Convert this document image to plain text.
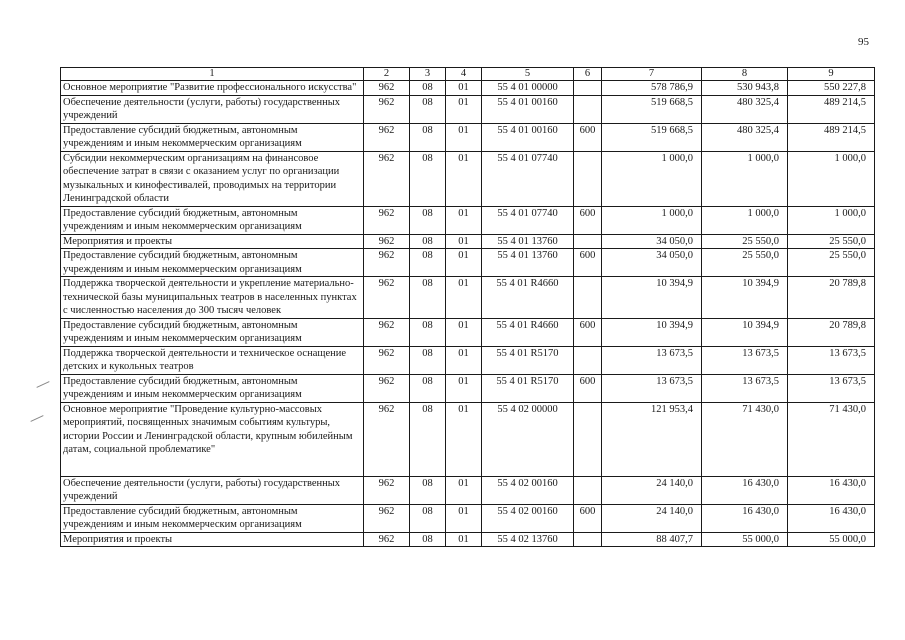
95
1	2	3	4	5	6	7	8	9
Основное мероприятие "Развитие профессионального искусства"	962	08	01	55 4 01 00000		578 786,9	530 943,8	550 227,8
Обеспечение деятельности (услуги, работы) государственных учреждений	962	08	01	55 4 01 00160		519 668,5	480 325,4	489 214,5
Предоставление субсидий бюджетным, автономным учреждениям и иным некоммерческим организациям	962	08	01	55 4 01 00160	600	519 668,5	480 325,4	489 214,5
Субсидии некоммерческим организациям на финансовое обеспечение затрат в связи с оказанием услуг по организации музыкальных и кинофестивалей, проводимых на территории Ленинградской области	962	08	01	55 4 01 07740		1 000,0	1 000,0	1 000,0
Предоставление субсидий бюджетным, автономным учреждениям и иным некоммерческим организациям	962	08	01	55 4 01 07740	600	1 000,0	1 000,0	1 000,0
Мероприятия и проекты	962	08	01	55 4 01 13760		34 050,0	25 550,0	25 550,0
Предоставление субсидий бюджетным, автономным учреждениям и иным некоммерческим организациям	962	08	01	55 4 01 13760	600	34 050,0	25 550,0	25 550,0
Поддержка творческой деятельности и укрепление материально-технической базы муниципальных театров в населенных пунктах с численностью населения до 300 тысяч человек	962	08	01	55 4 01 R4660		10 394,9	10 394,9	20 789,8
Предоставление субсидий бюджетным, автономным учреждениям и иным некоммерческим организациям	962	08	01	55 4 01 R4660	600	10 394,9	10 394,9	20 789,8
Поддержка творческой деятельности и техническое оснащение детских и кукольных театров	962	08	01	55 4 01 R5170		13 673,5	13 673,5	13 673,5
Предоставление субсидий бюджетным, автономным учреждениям и иным некоммерческим организациям	962	08	01	55 4 01 R5170	600	13 673,5	13 673,5	13 673,5
Основное мероприятие "Проведение культурно-массовых мероприятий, посвященных значимым событиям культуры, истории России и Ленинградской области, крупным юбилейным датам, социальной проблематике"	962	08	01	55 4 02 00000		121 953,4	71 430,0	71 430,0
Обеспечение деятельности (услуги, работы) государственных учреждений	962	08	01	55 4 02 00160		24 140,0	16 430,0	16 430,0
Предоставление субсидий бюджетным, автономным учреждениям и иным некоммерческим организациям	962	08	01	55 4 02 00160	600	24 140,0	16 430,0	16 430,0
Мероприятия и проекты	962	08	01	55 4 02 13760		88 407,7	55 000,0	55 000,0
